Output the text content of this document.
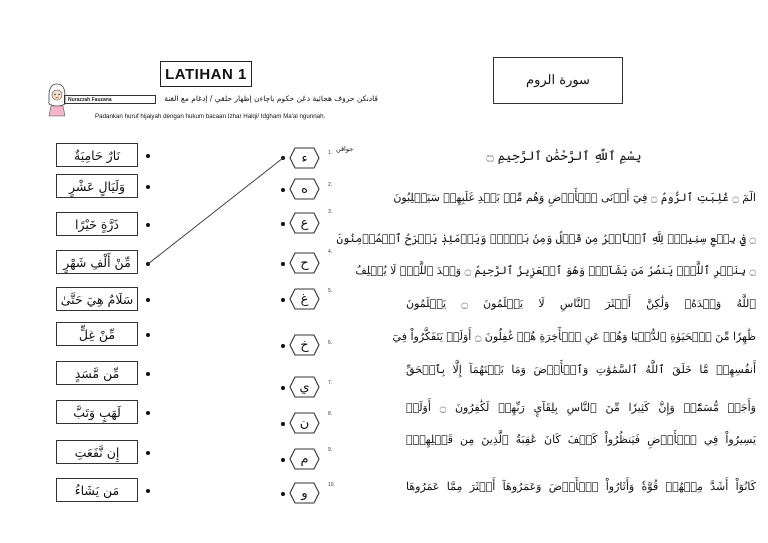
LATIHAN 1
Nurazzah Fauzana	ڤادنكن حروف هجائية دڠن حکوم باچاءن إظهار حلقي / إدغام مع الغنة
Padankan huruf hijaiyah dengan hukum bacaan Izhar Halqi/ Idgham Ma'al ngunnah.
جواڤن
نَارٌ حَامِيَةٌ
وَلَيَالٍ عَشْرٍ
ذَرَّةٍ خَيْرًا
مِّنْ أَلْفِ شَهْرٍ
سَلَامٌ هِيَ حَتَّىٰ
مِّنْ غِلٍّ
مِّن مَّسَدٍ
لَهَبٍ وَتَبَّ
إِن نَّفَعَتِ
مَن يَشَاءُ
ء
ه
ع
ح
غ
خ
ي
ن
م
و
1.
2.
3.
4.
5.
6.
7.
8.
9.
10.
سورة الروم
بِسْمِ ٱللَّهِ ٱلرَّحْمَٰنِ ٱلرَّحِيمِ ۝
الٓمٓ ۝ غُلِبَتِ ٱلرُّومُ ۝ فِيٓ أَدۡنَى ٱلۡأَرۡضِ وَهُم مِّنۢ بَعۡدِ غَلَبِهِمۡ سَيَغۡلِبُونَ
۝ فِي بِضۡعِ سِنِينَۗ لِلَّهِ ٱلۡأَمۡرُ مِن قَبۡلُ وَمِنۢ بَعۡدُۚ وَيَوۡمَئِذٖ يَفۡرَحُ ٱلۡمُؤۡمِنُونَ
۝ بِنَصۡرِ ٱللَّهِۚ يَنصُرُ مَن يَشَآءُۖ وَهُوَ ٱلۡعَزِيزُ ٱلرَّحِيمُ ۝ وَعۡدَ ٱللَّهِۖ لَا يُخۡلِفُ
ٱللَّهُ وَعۡدَهُۥ وَلَٰكِنَّ أَكۡثَرَ ٱلنَّاسِ لَا يَعۡلَمُونَ ۝ يَعۡلَمُونَ
ظَٰهِرٗا مِّنَ ٱلۡحَيَوٰةِ ٱلدُّنۡيَا وَهُمۡ عَنِ ٱلۡأٓخِرَةِ هُمۡ غَٰفِلُونَ ۝ أَوَلَمۡ يَتَفَكَّرُواْ فِيٓ
أَنفُسِهِمۗ مَّا خَلَقَ ٱللَّهُ ٱلسَّمَٰوَٰتِ وَٱلۡأَرۡضَ وَمَا بَيۡنَهُمَآ إِلَّا بِٱلۡحَقِّ
وَأَجَلٖ مُّسَمّٗىۗ وَإِنَّ كَثِيرٗا مِّنَ ٱلنَّاسِ بِلِقَآيِٕ رَبِّهِمۡ لَكَٰفِرُونَ ۝ أَوَلَمۡ
يَسِيرُواْ فِي ٱلۡأَرۡضِ فَيَنظُرُواْ كَيۡفَ كَانَ عَٰقِبَةُ ٱلَّذِينَ مِن قَبۡلِهِمۡۚ
كَانُوٓاْ أَشَدَّ مِنۡهُمۡ قُوَّةٗ وَأَثَارُواْ ٱلۡأَرۡضَ وَعَمَرُوهَآ أَكۡثَرَ مِمَّا عَمَرُوهَا
